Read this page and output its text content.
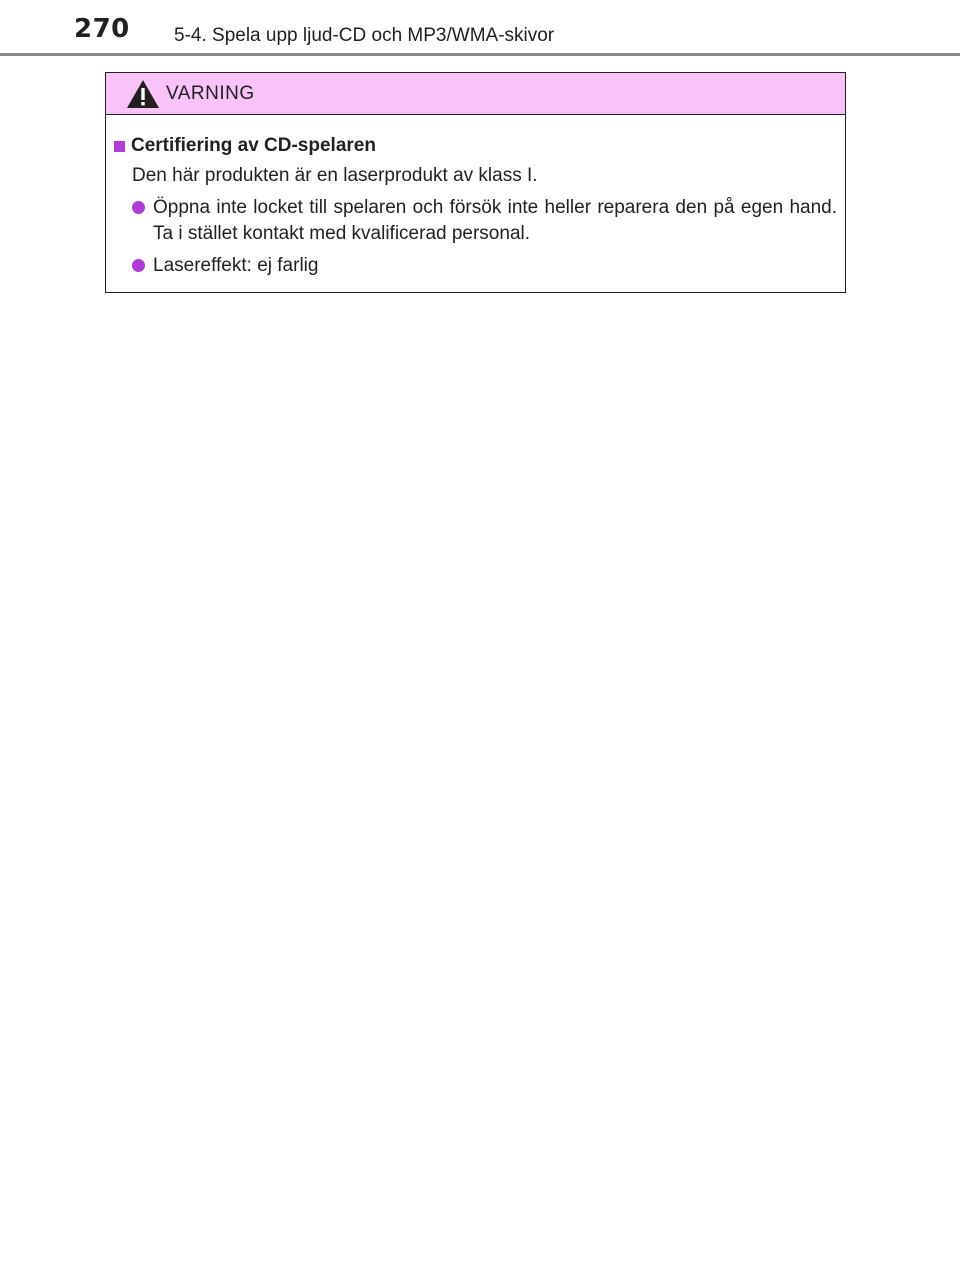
270 5-4. Spela upp ljud-CD och MP3/WMA-skivor
VARNING
Certifiering av CD-spelaren
Den här produkten är en laserprodukt av klass I.
Öppna inte locket till spelaren och försök inte heller reparera den på egen hand. Ta i stället kontakt med kvalificerad personal.
Lasereffekt: ej farlig
